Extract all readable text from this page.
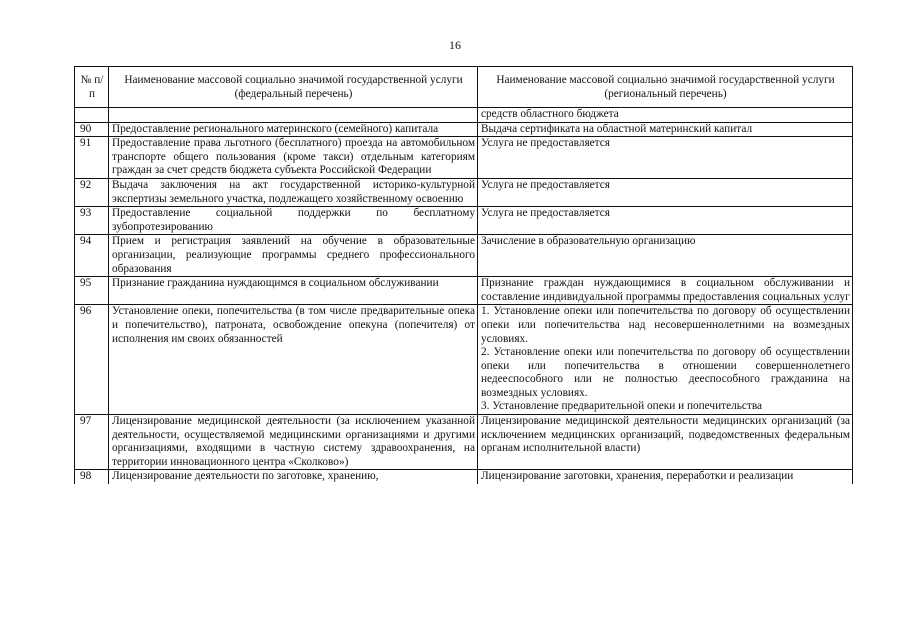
16
№ п/п	Наименование массовой социально значимой государственной услуги (федеральный перечень)	Наименование массовой социально значимой государственной услуги (региональный перечень)
		средств областного бюджета
90	Предоставление регионального материнского (семейного) капитала	Выдача сертификата на областной материнский капитал

91	Предоставление права льготного (бесплатного) проезда на автомобильном транспорте общего пользования (кроме такси) отдельным категориям граждан за счет средств бюджета субъекта Российской Федерации	Услуга не предоставляется

92	Выдача заключения на акт государственной историко-культурной экспертизы земельного участка, подлежащего хозяйственному освоению	Услуга не предоставляется

93	Предоставление социальной поддержки по бесплатному зубопротезированию	Услуга не предоставляется

94	Прием и регистрация заявлений на обучение в образовательные организации, реализующие программы среднего профессионального образования	Зачисление в образовательную организацию

95	Признание гражданина нуждающимся в социальном обслуживании	Признание граждан нуждающимися в социальном обслуживании и составление индивидуальной программы предоставления социальных услуг

96	Установление опеки, попечительства (в том числе предварительные опека и попечительство), патроната, освобождение опекуна (попечителя) от исполнения им своих обязанностей	1. Установление опеки или попечительства по договору об осуществлении опеки или попечительства над несовершеннолетними на возмездных условиях.
2. Установление опеки или попечительства по договору об осуществлении опеки или попечительства в отношении совершеннолетнего недееспособного или не полностью дееспособного гражданина на возмездных условиях.
3. Установление предварительной опеки и попечительства

97	Лицензирование медицинской деятельности (за исключением указанной деятельности, осуществляемой медицинскими организациями и другими организациями, входящими в частную систему здравоохранения, на территории инновационного центра «Сколково»)	Лицензирование медицинской деятельности медицинских организаций (за исключением медицинских организаций, подведомственных федеральным органам исполнительной власти)

98	Лицензирование деятельности по заготовке, хранению,	Лицензирование заготовки, хранения, переработки и реализации
